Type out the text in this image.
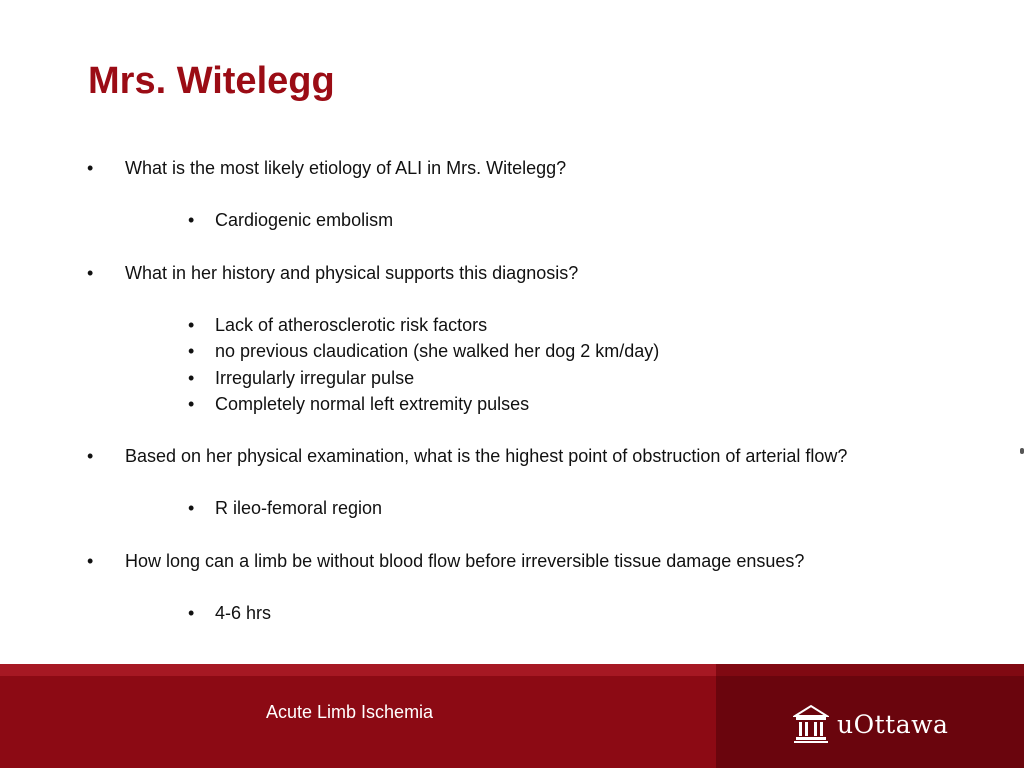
Mrs. Witelegg
• What is the most likely etiology of ALI in Mrs. Witelegg?
• Cardiogenic embolism
• What in her history and physical supports this diagnosis?
• Lack of atherosclerotic risk factors
• no previous claudication (she walked her dog 2 km/day)
• Irregularly irregular pulse
• Completely normal left extremity pulses
• Based on her physical examination, what is the highest point of obstruction of arterial flow?
• R ileo-femoral region
• How long can a limb be without blood flow before irreversible tissue damage ensues?
• 4-6 hrs
Acute Limb Ischemia	uOttawa
